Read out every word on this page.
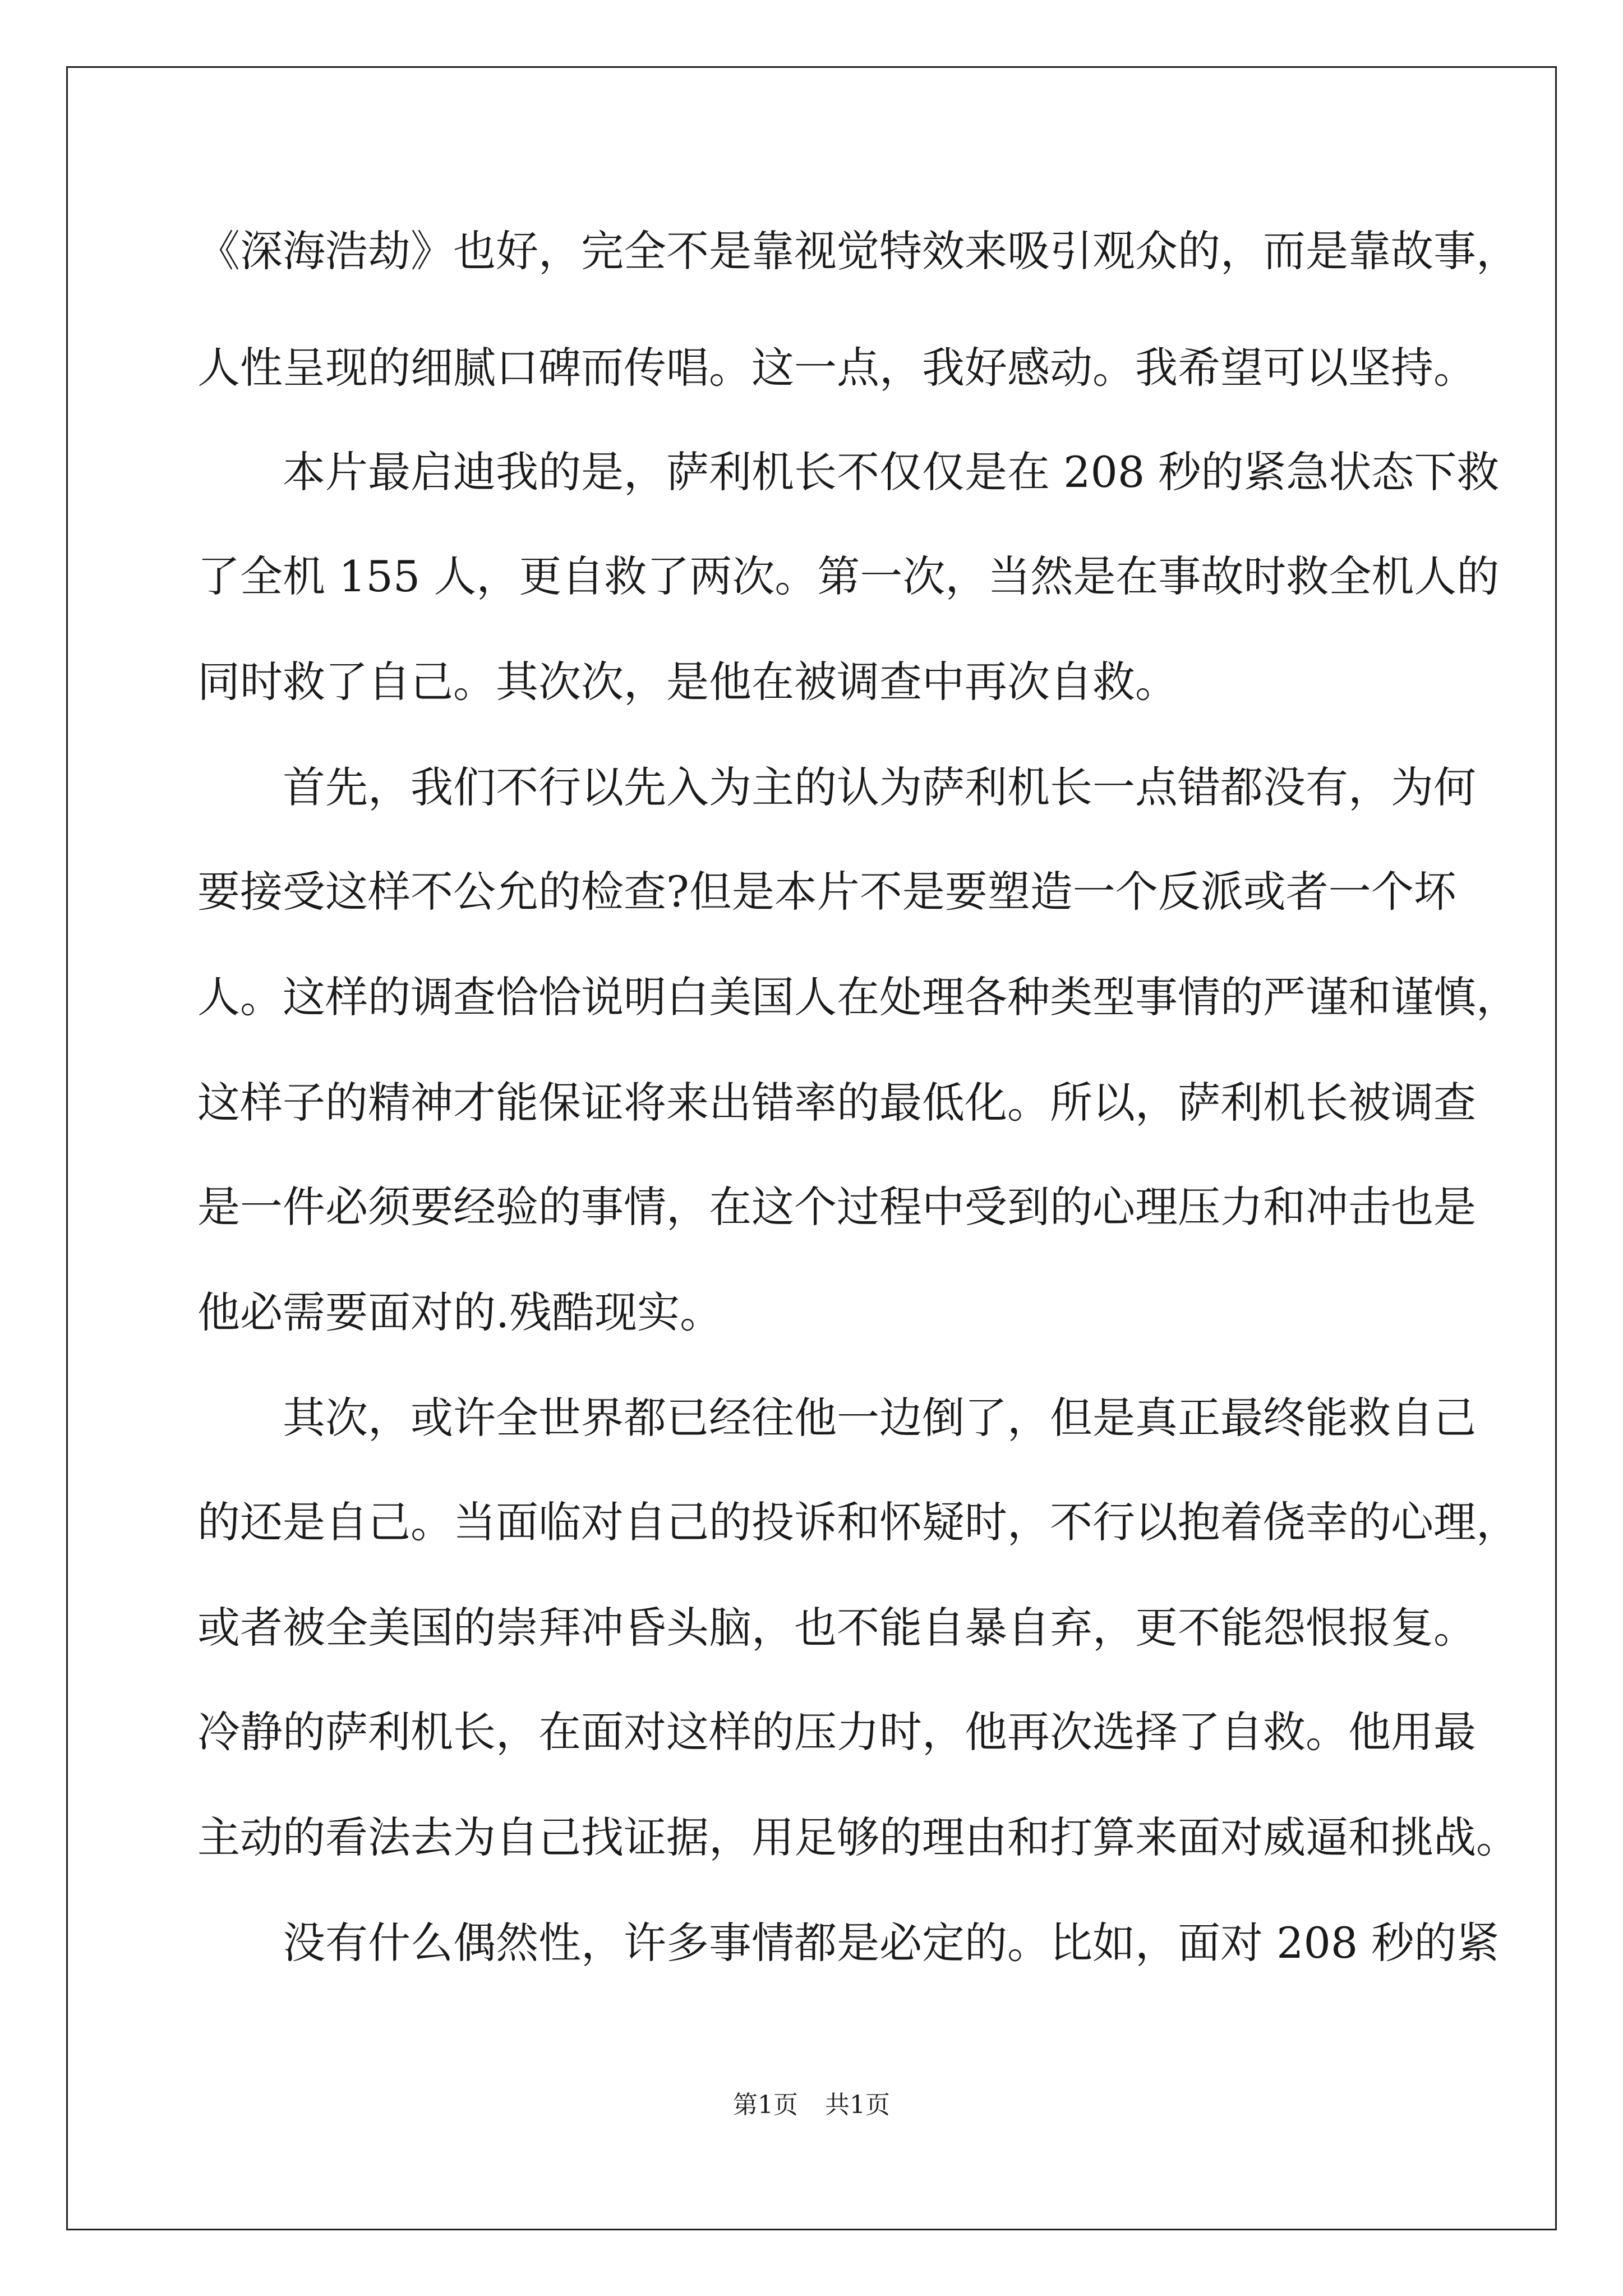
《深海浩劫》也好，完全不是靠视觉特效来吸引观众的，而是靠故事，

人性呈现的细腻口碑而传唱。这一点，我好感动。我希望可以坚持。

本片最启迪我的是，萨利机长不仅仅是在 208 秒的紧急状态下救

了全机 155 人，更自救了两次。第一次，当然是在事故时救全机人的

同时救了自己。其次次，是他在被调查中再次自救。

首先，我们不行以先入为主的认为萨利机长一点错都没有，为何

要接受这样不公允的检查?但是本片不是要塑造一个反派或者一个坏

人。这样的调查恰恰说明白美国人在处理各种类型事情的严谨和谨慎，

这样子的精神才能保证将来出错率的最低化。所以，萨利机长被调查

是一件必须要经验的事情，在这个过程中受到的心理压力和冲击也是

他必需要面对的.残酷现实。

其次，或许全世界都已经往他一边倒了，但是真正最终能救自己

的还是自己。当面临对自己的投诉和怀疑时，不行以抱着侥幸的心理，

或者被全美国的崇拜冲昏头脑，也不能自暴自弃，更不能怨恨报复。

冷静的萨利机长，在面对这样的压力时，他再次选择了自救。他用最

主动的看法去为自己找证据，用足够的理由和打算来面对威逼和挑战。

没有什么偶然性，许多事情都是必定的。比如，面对 208 秒的紧

第1页 共1页
